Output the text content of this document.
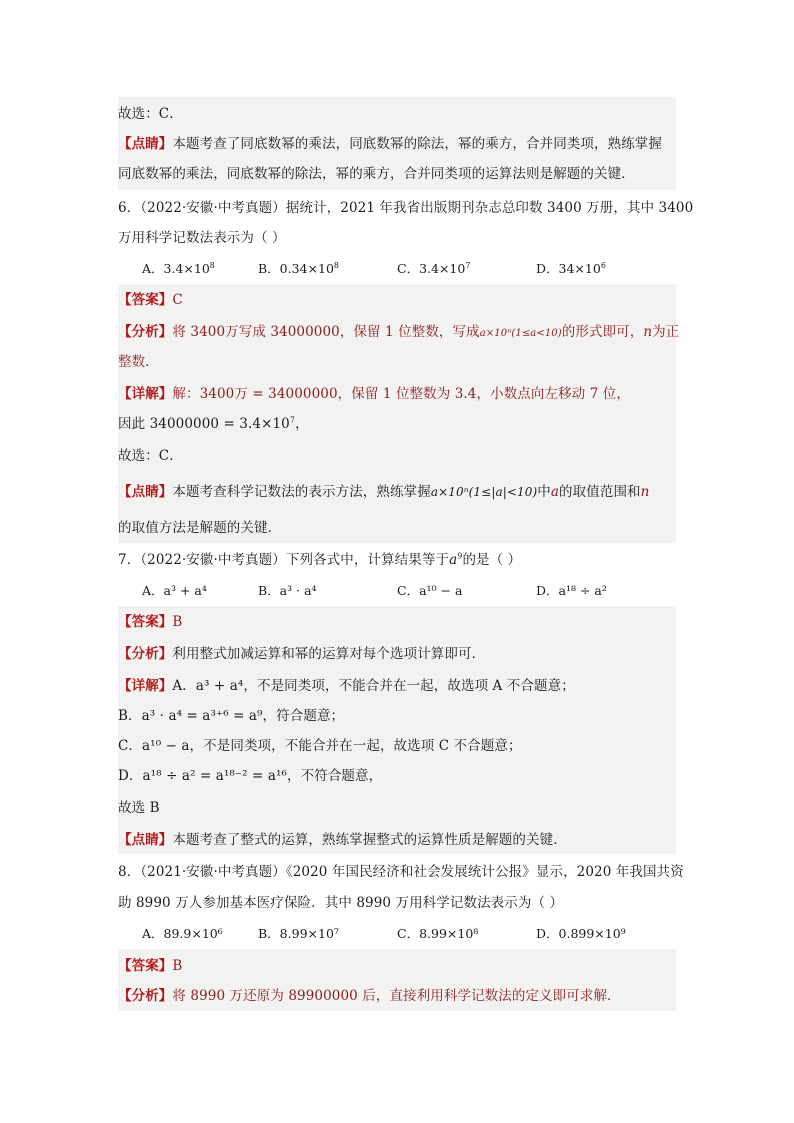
故选：C．
【点睛】本题考查了同底数幂的乘法，同底数幂的除法，幂的乘方，合并同类项，熟练掌握
同底数幂的乘法，同底数幂的除法，幂的乘方，合并同类项的运算法则是解题的关键．
6．（2022·安徽·中考真题）据统计，2021 年我省出版期刊杂志总印数 3400 万册，其中 3400
万用科学记数法表示为（ ）
A．$3.4\times 10^8$	B．$0.34\times 10^8$	C．$3.4\times 10^7$	D．$34\times 10^6$
【答案】C
【分析】将 3400万写成 34000000，保留 1 位整数，写成a×10ⁿ(1≤a<10)的形式即可，n为正
整数．
【详解】解：3400万 = 34000000，保留 1 位整数为 3.4，小数点向左移动 7 位，
因此 $34000000 = 3.4\times 10^7$，
故选：C．
【点睛】本题考查科学记数法的表示方法，熟练掌握a×10ⁿ(1≤|a|<10)中a的取值范围和n
的取值方法是解题的关键．
7．（2022·安徽·中考真题）下列各式中，计算结果等于$a^9$的是（ ）
A．a³ + a⁴	B．a³ · a⁴	C．a¹⁰ − a	D．a¹⁸ ÷ a²
【答案】B
【分析】利用整式加减运算和幂的运算对每个选项计算即可．
【详解】A．a³ + a⁴，不是同类项，不能合并在一起，故选项 A 不合题意；
B．a³ · a⁴ = a³⁺⁶ = a⁹，符合题意；
C．a¹⁰ − a，不是同类项，不能合并在一起，故选项 C 不合题意；
D．a¹⁸ ÷ a² = a¹⁸⁻² = a¹⁶，不符合题意，
故选 B
【点睛】本题考查了整式的运算，熟练掌握整式的运算性质是解题的关键．
8．（2021·安徽·中考真题）《2020 年国民经济和社会发展统计公报》显示，2020 年我国共资
助 8990 万人参加基本医疗保险．其中 8990 万用科学记数法表示为（ ）
A．89.9×10⁶	B．8.99×10⁷	C．8.99×10⁸	D．0.899×10⁹
【答案】B
【分析】将 8990 万还原为 89900000 后，直接利用科学记数法的定义即可求解．
